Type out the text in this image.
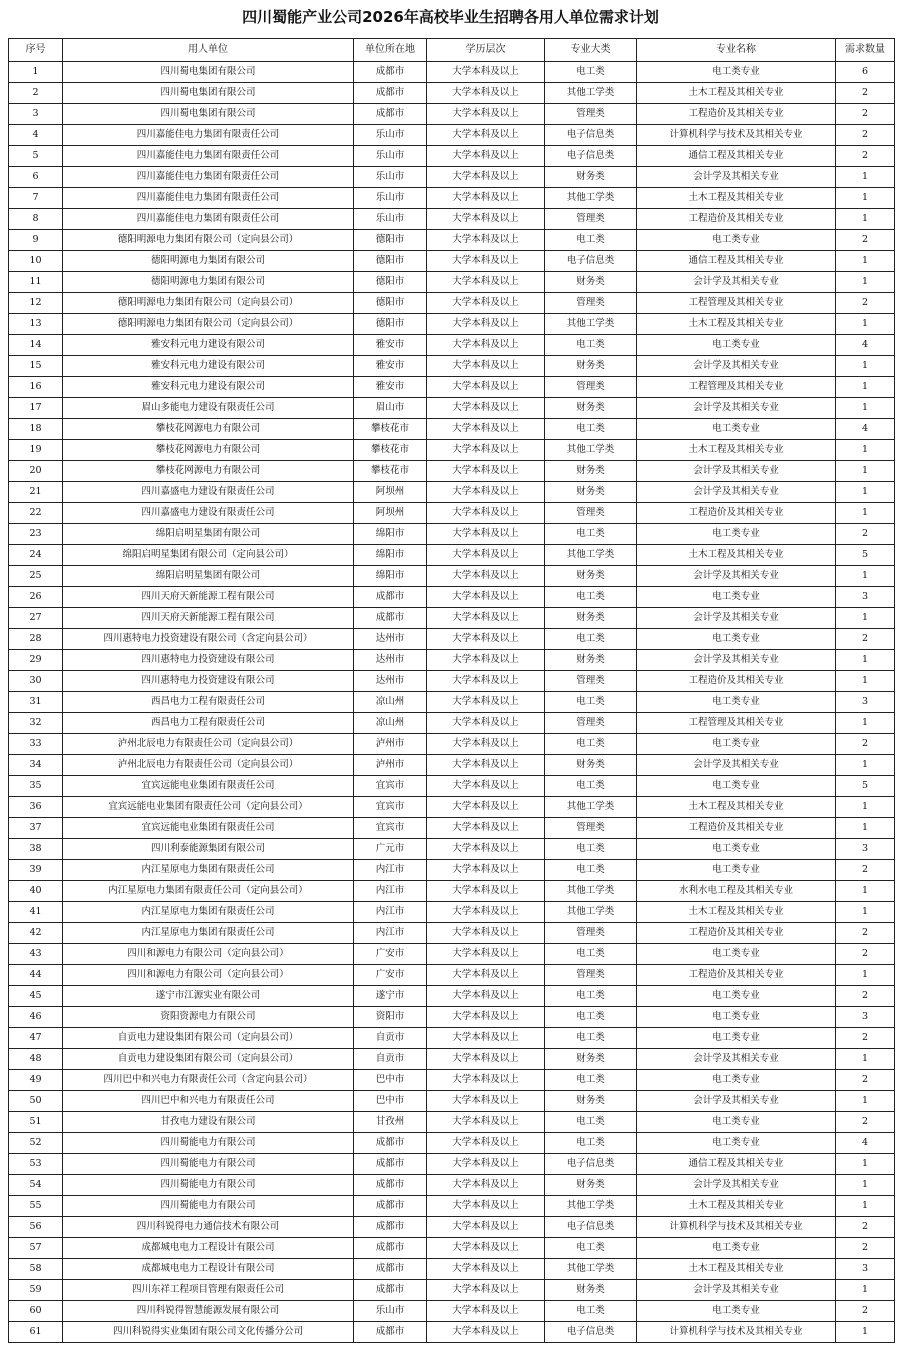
四川蜀能产业公司2026年高校毕业生招聘各用人单位需求计划
序号	用人单位	单位所在地	学历层次	专业大类	专业名称	需求数量
1	四川蜀电集团有限公司	成都市	大学本科及以上	电工类	电工类专业	6
2	四川蜀电集团有限公司	成都市	大学本科及以上	其他工学类	土木工程及其相关专业	2
3	四川蜀电集团有限公司	成都市	大学本科及以上	管理类	工程造价及其相关专业	2
4	四川嘉能佳电力集团有限责任公司	乐山市	大学本科及以上	电子信息类	计算机科学与技术及其相关专业	2
5	四川嘉能佳电力集团有限责任公司	乐山市	大学本科及以上	电子信息类	通信工程及其相关专业	2
6	四川嘉能佳电力集团有限责任公司	乐山市	大学本科及以上	财务类	会计学及其相关专业	1
7	四川嘉能佳电力集团有限责任公司	乐山市	大学本科及以上	其他工学类	土木工程及其相关专业	1
8	四川嘉能佳电力集团有限责任公司	乐山市	大学本科及以上	管理类	工程造价及其相关专业	1
9	德阳明源电力集团有限公司（定向县公司）	德阳市	大学本科及以上	电工类	电工类专业	2
10	德阳明源电力集团有限公司	德阳市	大学本科及以上	电子信息类	通信工程及其相关专业	1
11	德阳明源电力集团有限公司	德阳市	大学本科及以上	财务类	会计学及其相关专业	1
12	德阳明源电力集团有限公司（定向县公司）	德阳市	大学本科及以上	管理类	工程管理及其相关专业	2
13	德阳明源电力集团有限公司（定向县公司）	德阳市	大学本科及以上	其他工学类	土木工程及其相关专业	1
14	雅安科元电力建设有限公司	雅安市	大学本科及以上	电工类	电工类专业	4
15	雅安科元电力建设有限公司	雅安市	大学本科及以上	财务类	会计学及其相关专业	1
16	雅安科元电力建设有限公司	雅安市	大学本科及以上	管理类	工程管理及其相关专业	1
17	眉山多能电力建设有限责任公司	眉山市	大学本科及以上	财务类	会计学及其相关专业	1
18	攀枝花网源电力有限公司	攀枝花市	大学本科及以上	电工类	电工类专业	4
19	攀枝花网源电力有限公司	攀枝花市	大学本科及以上	其他工学类	土木工程及其相关专业	1
20	攀枝花网源电力有限公司	攀枝花市	大学本科及以上	财务类	会计学及其相关专业	1
21	四川嘉盛电力建设有限责任公司	阿坝州	大学本科及以上	财务类	会计学及其相关专业	1
22	四川嘉盛电力建设有限责任公司	阿坝州	大学本科及以上	管理类	工程造价及其相关专业	1
23	绵阳启明星集团有限公司	绵阳市	大学本科及以上	电工类	电工类专业	2
24	绵阳启明星集团有限公司（定向县公司）	绵阳市	大学本科及以上	其他工学类	土木工程及其相关专业	5
25	绵阳启明星集团有限公司	绵阳市	大学本科及以上	财务类	会计学及其相关专业	1
26	四川天府天新能源工程有限公司	成都市	大学本科及以上	电工类	电工类专业	3
27	四川天府天新能源工程有限公司	成都市	大学本科及以上	财务类	会计学及其相关专业	1
28	四川惠特电力投资建设有限公司（含定向县公司）	达州市	大学本科及以上	电工类	电工类专业	2
29	四川惠特电力投资建设有限公司	达州市	大学本科及以上	财务类	会计学及其相关专业	1
30	四川惠特电力投资建设有限公司	达州市	大学本科及以上	管理类	工程造价及其相关专业	1
31	西昌电力工程有限责任公司	凉山州	大学本科及以上	电工类	电工类专业	3
32	西昌电力工程有限责任公司	凉山州	大学本科及以上	管理类	工程管理及其相关专业	1
33	泸州北辰电力有限责任公司（定向县公司）	泸州市	大学本科及以上	电工类	电工类专业	2
34	泸州北辰电力有限责任公司（定向县公司）	泸州市	大学本科及以上	财务类	会计学及其相关专业	1
35	宜宾远能电业集团有限责任公司	宜宾市	大学本科及以上	电工类	电工类专业	5
36	宜宾远能电业集团有限责任公司（定向县公司）	宜宾市	大学本科及以上	其他工学类	土木工程及其相关专业	1
37	宜宾远能电业集团有限责任公司	宜宾市	大学本科及以上	管理类	工程造价及其相关专业	1
38	四川利泰能源集团有限公司	广元市	大学本科及以上	电工类	电工类专业	3
39	内江星原电力集团有限责任公司	内江市	大学本科及以上	电工类	电工类专业	2
40	内江星原电力集团有限责任公司（定向县公司）	内江市	大学本科及以上	其他工学类	水利水电工程及其相关专业	1
41	内江星原电力集团有限责任公司	内江市	大学本科及以上	其他工学类	土木工程及其相关专业	1
42	内江星原电力集团有限责任公司	内江市	大学本科及以上	管理类	工程造价及其相关专业	2
43	四川和源电力有限公司（定向县公司）	广安市	大学本科及以上	电工类	电工类专业	2
44	四川和源电力有限公司（定向县公司）	广安市	大学本科及以上	管理类	工程造价及其相关专业	1
45	遂宁市江源实业有限公司	遂宁市	大学本科及以上	电工类	电工类专业	2
46	资阳资源电力有限公司	资阳市	大学本科及以上	电工类	电工类专业	3
47	自贡电力建设集团有限公司（定向县公司）	自贡市	大学本科及以上	电工类	电工类专业	2
48	自贡电力建设集团有限公司（定向县公司）	自贡市	大学本科及以上	财务类	会计学及其相关专业	1
49	四川巴中和兴电力有限责任公司（含定向县公司）	巴中市	大学本科及以上	电工类	电工类专业	2
50	四川巴中和兴电力有限责任公司	巴中市	大学本科及以上	财务类	会计学及其相关专业	1
51	甘孜电力建设有限公司	甘孜州	大学本科及以上	电工类	电工类专业	2
52	四川蜀能电力有限公司	成都市	大学本科及以上	电工类	电工类专业	4
53	四川蜀能电力有限公司	成都市	大学本科及以上	电子信息类	通信工程及其相关专业	1
54	四川蜀能电力有限公司	成都市	大学本科及以上	财务类	会计学及其相关专业	1
55	四川蜀能电力有限公司	成都市	大学本科及以上	其他工学类	土木工程及其相关专业	1
56	四川科锐得电力通信技术有限公司	成都市	大学本科及以上	电子信息类	计算机科学与技术及其相关专业	2
57	成都城电电力工程设计有限公司	成都市	大学本科及以上	电工类	电工类专业	2
58	成都城电电力工程设计有限公司	成都市	大学本科及以上	其他工学类	土木工程及其相关专业	3
59	四川东祥工程项目管理有限责任公司	成都市	大学本科及以上	财务类	会计学及其相关专业	1
60	四川科锐得智慧能源发展有限公司	乐山市	大学本科及以上	电工类	电工类专业	2
61	四川科锐得实业集团有限公司文化传播分公司	成都市	大学本科及以上	电子信息类	计算机科学与技术及其相关专业	1
